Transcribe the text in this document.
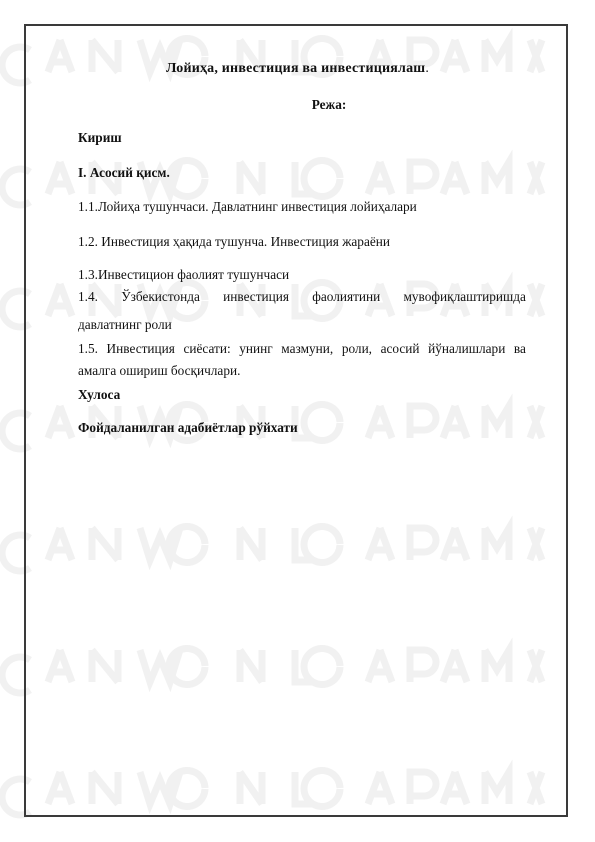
Лойиҳа, инвестиция ва инвестициялаш.
Режа:
Кириш
I. Асосий қисм.
1.1.Лойиҳа тушунчаси. Давлатнинг инвестиция лойиҳалари
1.2. Инвестиция ҳақида тушунча. Инвестиция жараёни
1.3.Инвестицион фаолият тушунчаси
1.4. Ўзбекистонда инвестиция фаолиятини мувофиқлаштиришда
давлатнинг роли
1.5. Инвестиция сиёсати: унинг мазмуни, роли, асосий йўналишлари ва
амалга ошириш босқичлари.
Хулоса
Фойдаланилган адабиётлар рўйхати
